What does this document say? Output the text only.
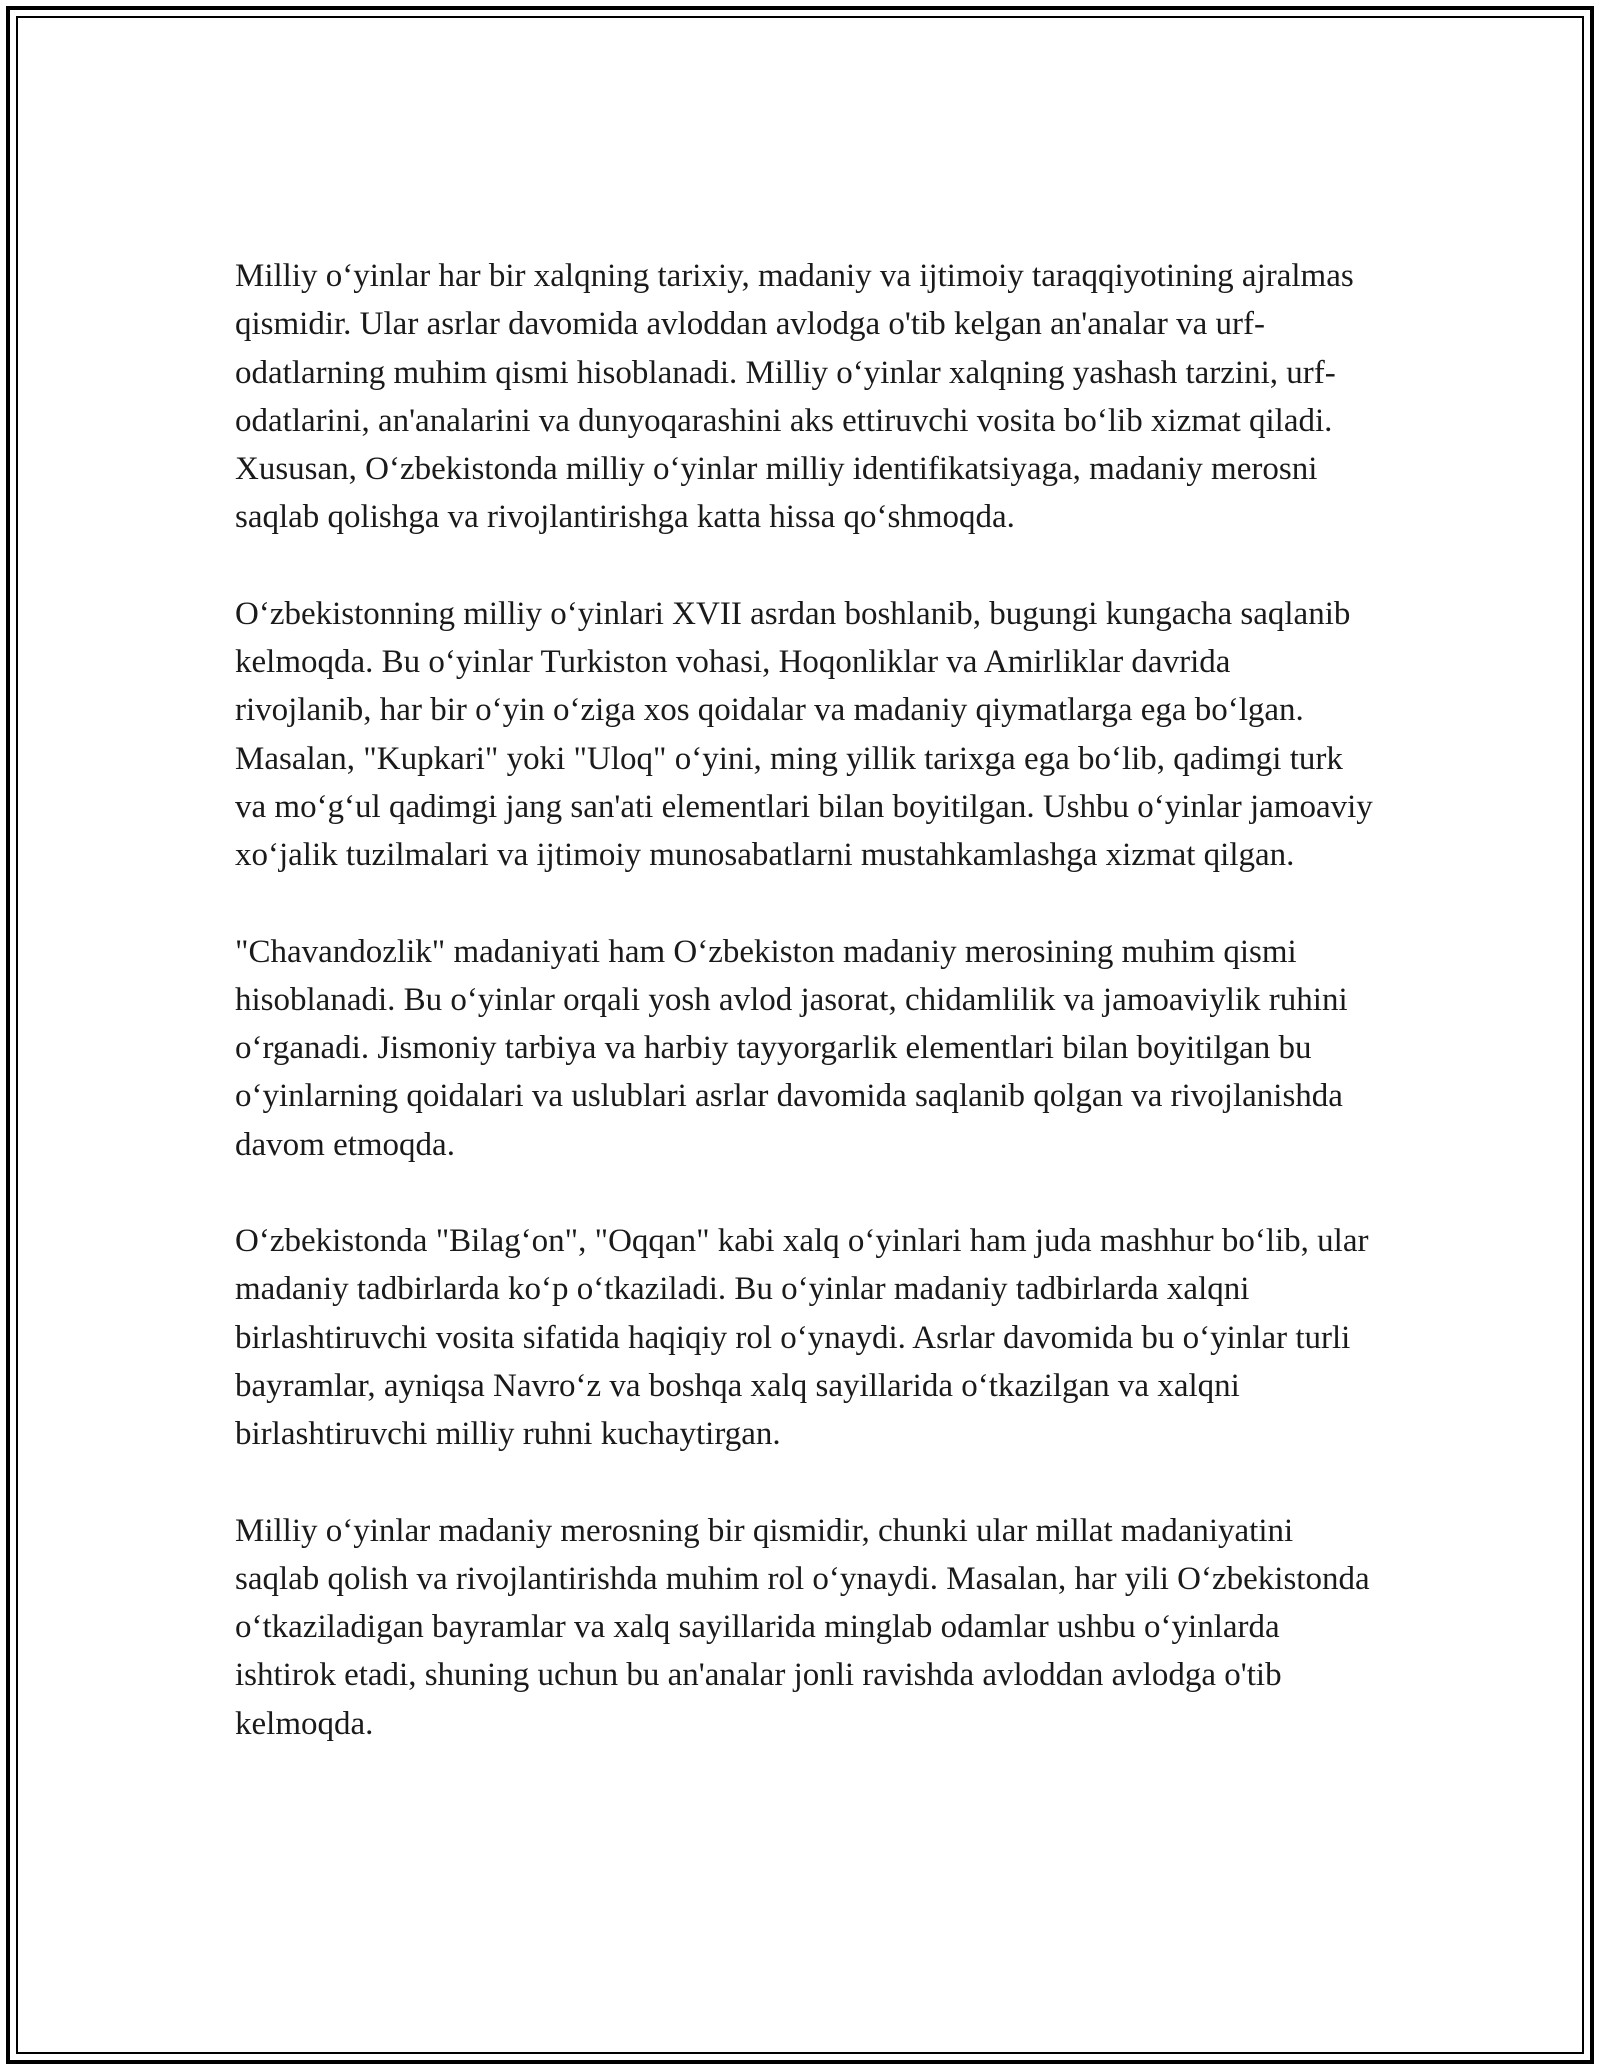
Milliy o‘yinlar har bir xalqning tarixiy, madaniy va ijtimoiy taraqqiyotining ajralmas qismidir. Ular asrlar davomida avloddan avlodga o'tib kelgan an'analar va urf-odatlarning muhim qismi hisoblanadi. Milliy o‘yinlar xalqning yashash tarzini, urf-odatlarini, an'analarini va dunyoqarashini aks ettiruvchi vosita bo‘lib xizmat qiladi. Xususan, O‘zbekistonda milliy o‘yinlar milliy identifikatsiyaga, madaniy merosni saqlab qolishga va rivojlantirishga katta hissa qo‘shmoqda.

O‘zbekistonning milliy o‘yinlari XVII asrdan boshlanib, bugungi kungacha saqlanib kelmoqda. Bu o‘yinlar Turkiston vohasi, Hoqonliklar va Amirliklar davrida rivojlanib, har bir o‘yin o‘ziga xos qoidalar va madaniy qiymatlarga ega bo‘lgan. Masalan, "Kupkari" yoki "Uloq" o‘yini, ming yillik tarixga ega bo‘lib, qadimgi turk va mo‘g‘ul qadimgi jang san'ati elementlari bilan boyitilgan. Ushbu o‘yinlar jamoaviy xo‘jalik tuzilmalari va ijtimoiy munosabatlarni mustahkamlashga xizmat qilgan.

"Chavandozlik" madaniyati ham O‘zbekiston madaniy merosining muhim qismi hisoblanadi. Bu o‘yinlar orqali yosh avlod jasorat, chidamlilik va jamoaviylik ruhini o‘rganadi. Jismoniy tarbiya va harbiy tayyorgarlik elementlari bilan boyitilgan bu o‘yinlarning qoidalari va uslublari asrlar davomida saqlanib qolgan va rivojlanishda davom etmoqda.

O‘zbekistonda "Bilag‘on", "Oqqan" kabi xalq o‘yinlari ham juda mashhur bo‘lib, ular madaniy tadbirlarda ko‘p o‘tkaziladi. Bu o‘yinlar madaniy tadbirlarda xalqni birlashtiruvchi vosita sifatida haqiqiy rol o‘ynaydi. Asrlar davomida bu o‘yinlar turli bayramlar, ayniqsa Navro‘z va boshqa xalq sayillarida o‘tkazilgan va xalqni birlashtiruvchi milliy ruhni kuchaytirgan.

Milliy o‘yinlar madaniy merosning bir qismidir, chunki ular millat madaniyatini saqlab qolish va rivojlantirishda muhim rol o‘ynaydi. Masalan, har yili O‘zbekistonda o‘tkaziladigan bayramlar va xalq sayillarida minglab odamlar ushbu o‘yinlarda ishtirok etadi, shuning uchun bu an'analar jonli ravishda avloddan avlodga o'tib kelmoqda.
